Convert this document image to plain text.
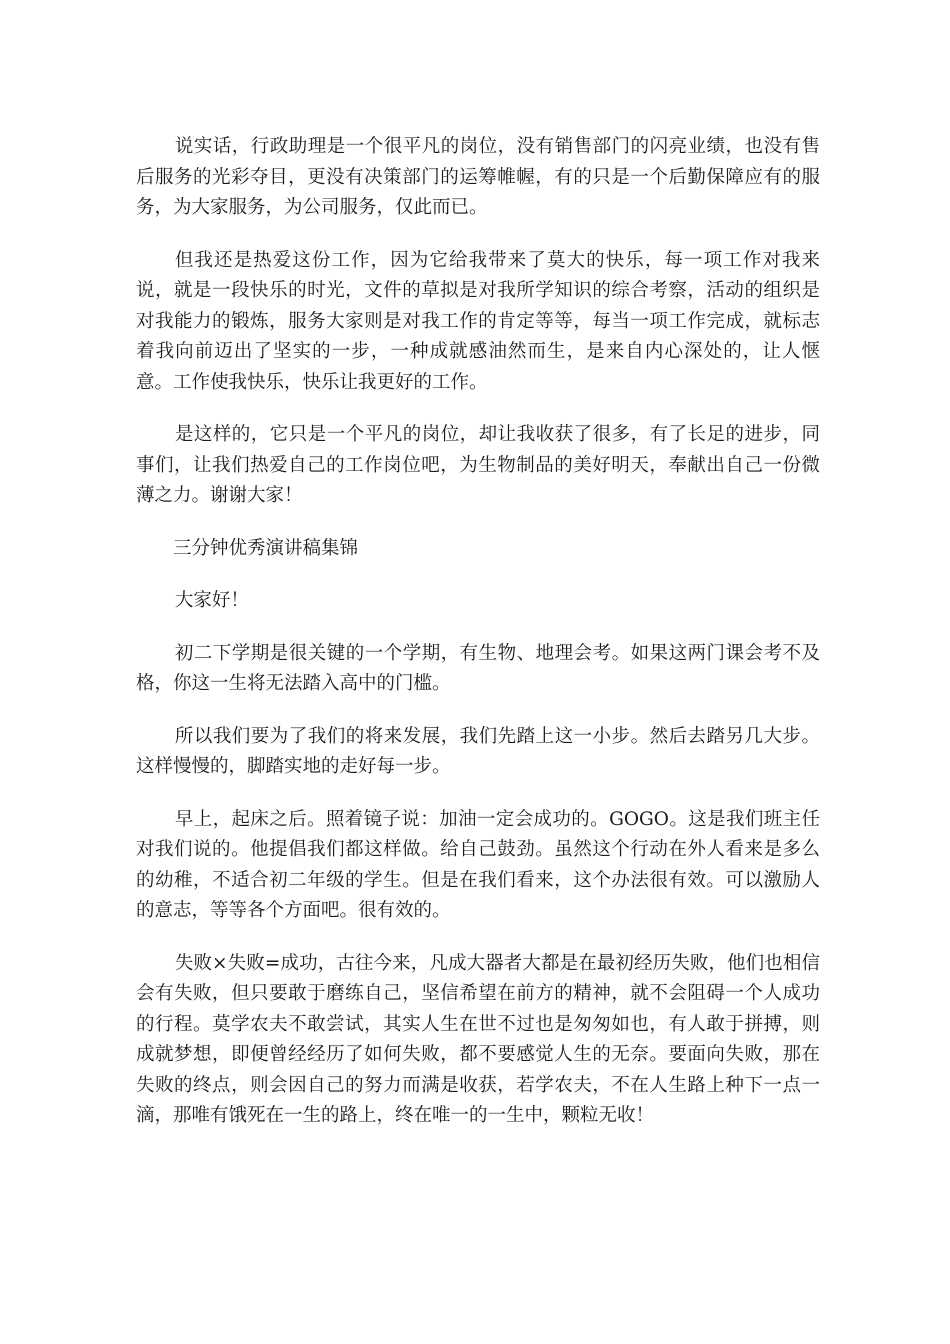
说实话，行政助理是一个很平凡的岗位，没有销售部门的闪亮业绩，也没有售后服务的光彩夺目，更没有决策部门的运筹帷幄，有的只是一个后勤保障应有的服务，为大家服务，为公司服务，仅此而已。

但我还是热爱这份工作，因为它给我带来了莫大的快乐，每一项工作对我来说，就是一段快乐的时光，文件的草拟是对我所学知识的综合考察，活动的组织是对我能力的锻炼，服务大家则是对我工作的肯定等等，每当一项工作完成，就标志着我向前迈出了坚实的一步，一种成就感油然而生，是来自内心深处的，让人惬意。工作使我快乐，快乐让我更好的工作。

是这样的，它只是一个平凡的岗位，却让我收获了很多，有了长足的进步，同事们，让我们热爱自己的工作岗位吧，为生物制品的美好明天，奉献出自己一份微薄之力。谢谢大家！

三分钟优秀演讲稿集锦

大家好！

初二下学期是很关键的一个学期，有生物、地理会考。如果这两门课会考不及格，你这一生将无法踏入高中的门槛。

所以我们要为了我们的将来发展，我们先踏上这一小步。然后去踏另几大步。这样慢慢的，脚踏实地的走好每一步。

早上，起床之后。照着镜子说：加油一定会成功的。GOGO。这是我们班主任对我们说的。他提倡我们都这样做。给自己鼓劲。虽然这个行动在外人看来是多么的幼稚，不适合初二年级的学生。但是在我们看来，这个办法很有效。可以激励人的意志，等等各个方面吧。很有效的。

失败×失败=成功，古往今来，凡成大器者大都是在最初经历失败，他们也相信会有失败，但只要敢于磨练自己，坚信希望在前方的精神，就不会阻碍一个人成功的行程。莫学农夫不敢尝试，其实人生在世不过也是匆匆如也，有人敢于拼搏，则成就梦想，即便曾经经历了如何失败，都不要感觉人生的无奈。要面向失败，那在失败的终点，则会因自己的努力而满是收获，若学农夫，不在人生路上种下一点一滴，那唯有饿死在一生的路上，终在唯一的一生中，颗粒无收！
